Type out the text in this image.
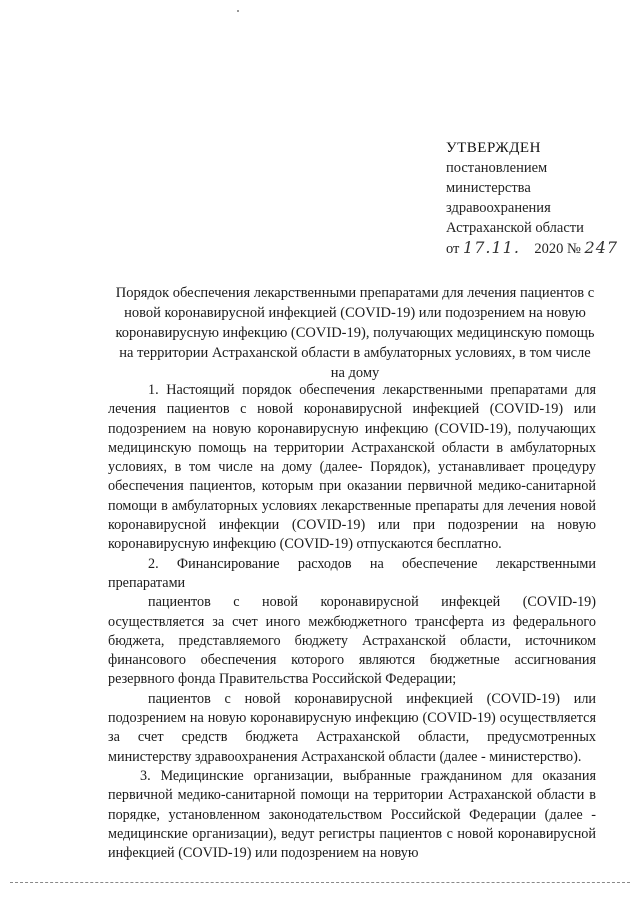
УТВЕРЖДЕН
постановлением
министерства
здравоохранения
Астраханской области
от 17.11. 2020 № 247
Порядок обеспечения лекарственными препаратами для лечения пациентов с
новой коронавирусной инфекцией (COVID-19) или подозрением на новую
коронавирусную инфекцию (COVID-19), получающих медицинскую помощь
на территории Астраханской области в амбулаторных условиях, в том числе
на дому

1. Настоящий порядок обеспечения лекарственными препаратами для лечения пациентов с новой коронавирусной инфекцией (COVID-19) или подозрением на новую коронавирусную инфекцию (COVID-19), получающих медицинскую помощь на территории Астраханской области в амбулаторных условиях, в том числе на дому (далее- Порядок), устанавливает процедуру обеспечения пациентов, которым при оказании первичной медико-санитарной помощи в амбулаторных условиях лекарственные препараты для лечения новой коронавирусной инфекции (COVID-19) или при подозрении на новую коронавирусную инфекцию (COVID-19) отпускаются бесплатно.

2. Финансирование расходов на обеспечение лекарственными препаратами

пациентов с новой коронавирусной инфекцей (COVID-19) осуществляется за счет иного межбюджетного трансферта из федерального бюджета, представляемого бюджету Астраханской области, источником финансового обеспечения которого являются бюджетные ассигнования резервного фонда Правительства Российской Федерации;

пациентов с новой коронавирусной инфекцией (COVID-19) или подозрением на новую коронавирусную инфекцию (COVID-19) осуществляется за счет средств бюджета Астраханской области, предусмотренных министерству здравоохранения Астраханской области (далее - министерство).

3. Медицинские организации, выбранные гражданином для оказания первичной медико-санитарной помощи на территории Астраханской области в порядке, установленном законодательством Российской Федерации (далее - медицинские организации), ведут регистры пациентов с новой коронавирусной инфекцией (COVID-19) или подозрением на новую
